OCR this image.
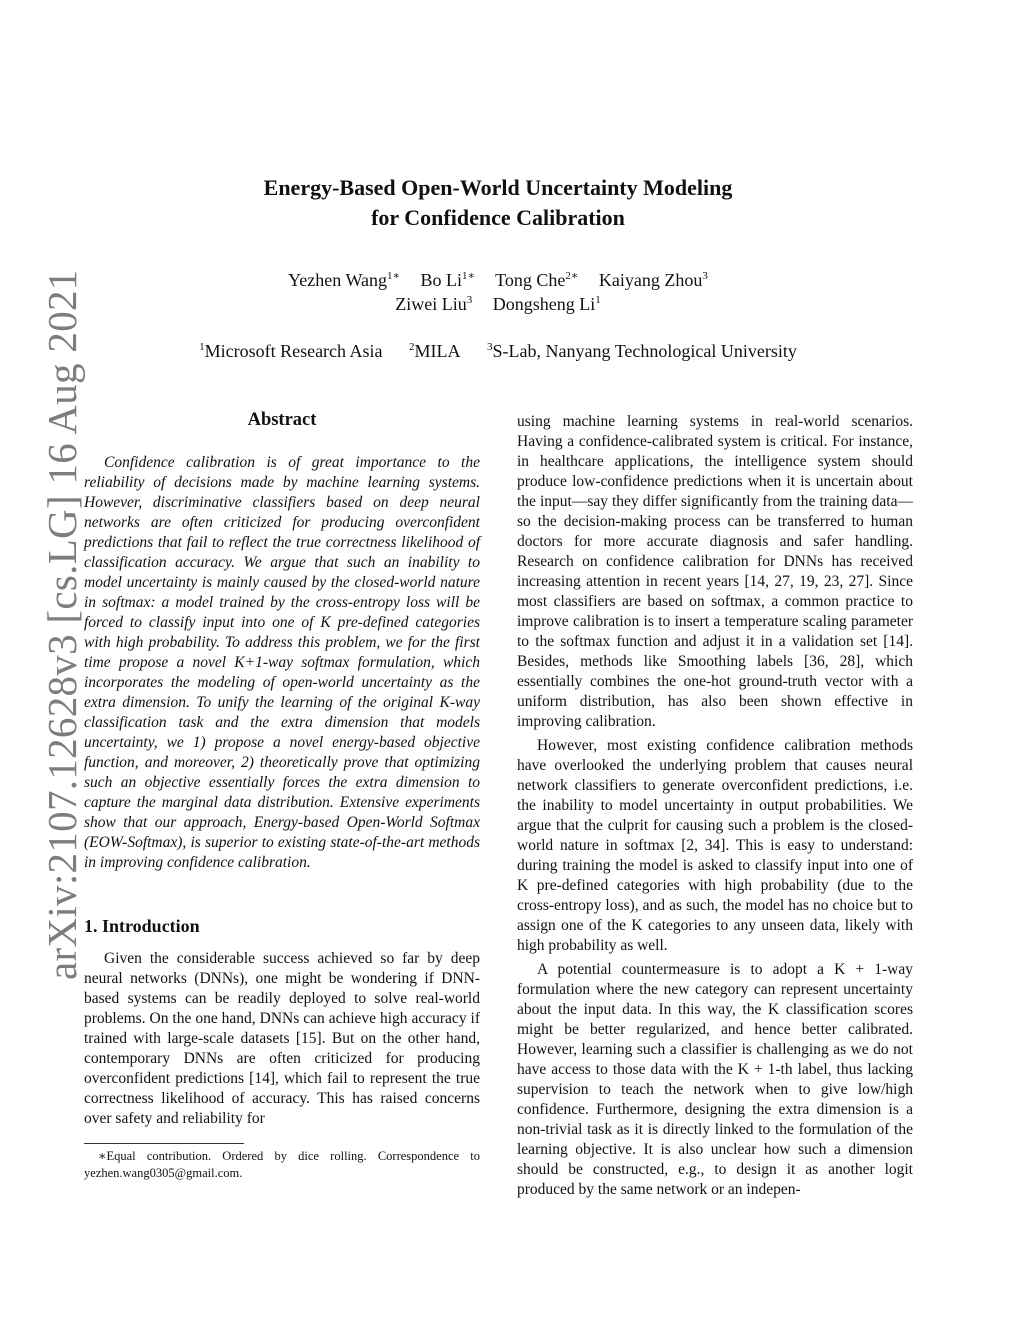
arXiv:2107.12628v3 [cs.LG] 16 Aug 2021
Energy-Based Open-World Uncertainty Modeling
for Confidence Calibration
Yezhen Wang$^{1∗}$ Bo $Li^{1∗}$ Tong Che$^{2∗}$ Kaiyang Zhou$^3$
Ziwei Liu$^3$ Dongsheng Li$^1$
$^1$Microsoft Research Asia $^2$MILA $^3$S-Lab, Nanyang Technological University
Abstract

Confidence calibration is of great importance to the reliability of decisions made by machine learning systems. However, discriminative classifiers based on deep neural networks are often criticized for producing overconfident predictions that fail to reflect the true correctness likelihood of classification accuracy. We argue that such an inability to model uncertainty is mainly caused by the closed-world nature in softmax: a model trained by the cross-entropy loss will be forced to classify input into one of K pre-defined categories with high probability. To address this problem, we for the first time propose a novel K+1-way softmax formulation, which incorporates the modeling of open-world uncertainty as the extra dimension. To unify the learning of the original K-way classification task and the extra dimension that models uncertainty, we 1) propose a novel energy-based objective function, and moreover, 2) theoretically prove that optimizing such an objective essentially forces the extra dimension to capture the marginal data distribution. Extensive experiments show that our approach, Energy-based Open-World Softmax (EOW-Softmax), is superior to existing state-of-the-art methods in improving confidence calibration.

1. Introduction

Given the considerable success achieved so far by deep neural networks (DNNs), one might be wondering if DNN-based systems can be readily deployed to solve real-world problems. On the one hand, DNNs can achieve high accuracy if trained with large-scale datasets [15]. But on the other hand, contemporary DNNs are often criticized for producing overconfident predictions [14], which fail to represent the true correctness likelihood of accuracy. This has raised concerns over safety and reliability for

∗Equal contribution. Ordered by dice rolling. Correspondence to yezhen.wang0305@gmail.com.

using machine learning systems in real-world scenarios. Having a confidence-calibrated system is critical. For instance, in healthcare applications, the intelligence system should produce low-confidence predictions when it is uncertain about the input—say they differ significantly from the training data—so the decision-making process can be transferred to human doctors for more accurate diagnosis and safer handling. Research on confidence calibration for DNNs has received increasing attention in recent years [14, 27, 19, 23, 27]. Since most classifiers are based on softmax, a common practice to improve calibration is to insert a temperature scaling parameter to the softmax function and adjust it in a validation set [14]. Besides, methods like Smoothing labels [36, 28], which essentially combines the one-hot ground-truth vector with a uniform distribution, has also been shown effective in improving calibration.

However, most existing confidence calibration methods have overlooked the underlying problem that causes neural network classifiers to generate overconfident predictions, i.e. the inability to model uncertainty in output probabilities. We argue that the culprit for causing such a problem is the closed-world nature in softmax [2, 34]. This is easy to understand: during training the model is asked to classify input into one of K pre-defined categories with high probability (due to the cross-entropy loss), and as such, the model has no choice but to assign one of the K categories to any unseen data, likely with high probability as well.

A potential countermeasure is to adopt a K + 1-way formulation where the new category can represent uncertainty about the input data. In this way, the K classification scores might be better regularized, and hence better calibrated. However, learning such a classifier is challenging as we do not have access to those data with the K + 1-th label, thus lacking supervision to teach the network when to give low/high confidence. Furthermore, designing the extra dimension is a non-trivial task as it is directly linked to the formulation of the learning objective. It is also unclear how such a dimension should be constructed, e.g., to design it as another logit produced by the same network or an indepen-
